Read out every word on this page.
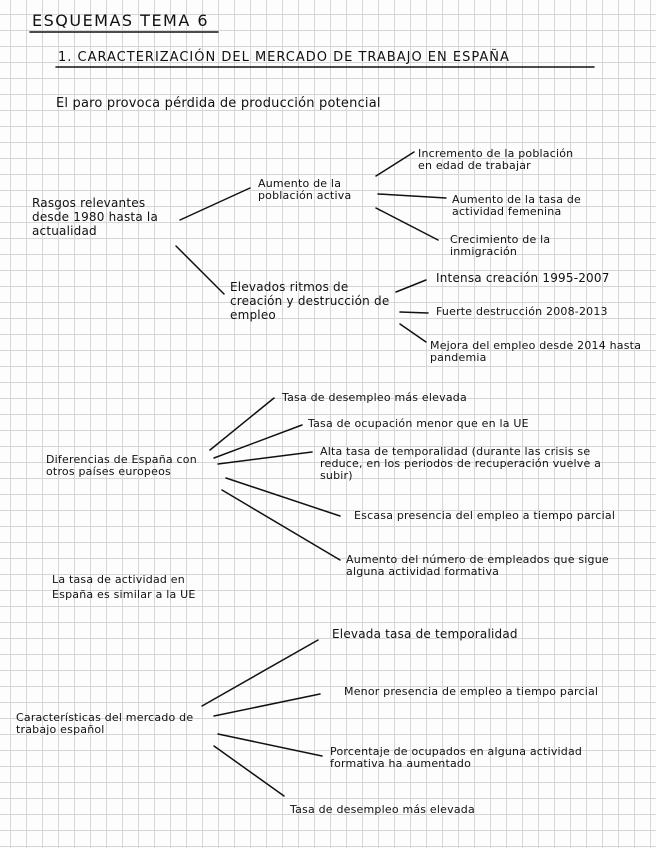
ESQUEMAS TEMA 6
1. CARACTERIZACIÓN DEL MERCADO DE TRABAJO EN ESPAÑA
El paro provoca pérdida de producción potencial
Rasgos relevantes desde 1980 hasta la actualidad
Aumento de la población activa
Incremento de la población en edad de trabajar
Aumento de la tasa de actividad femenina
Crecimiento de la inmigración
Elevados ritmos de creación y destrucción de empleo
Intensa creación 1995-2007
Fuerte destrucción 2008-2013
Mejora del empleo desde 2014 hasta pandemia
Diferencias de España con otros países europeos
Tasa de desempleo más elevada
Tasa de ocupación menor que en la UE
Alta tasa de temporalidad (durante las crisis se reduce, en los periodos de recuperación vuelve a subir)
Escasa presencia del empleo a tiempo parcial
Aumento del número de empleados que sigue alguna actividad formativa
La tasa de actividad en España es similar a la UE
Características del mercado de trabajo español
Elevada tasa de temporalidad
Menor presencia de empleo a tiempo parcial
Porcentaje de ocupados en alguna actividad formativa ha aumentado
Tasa de desempleo más elevada
